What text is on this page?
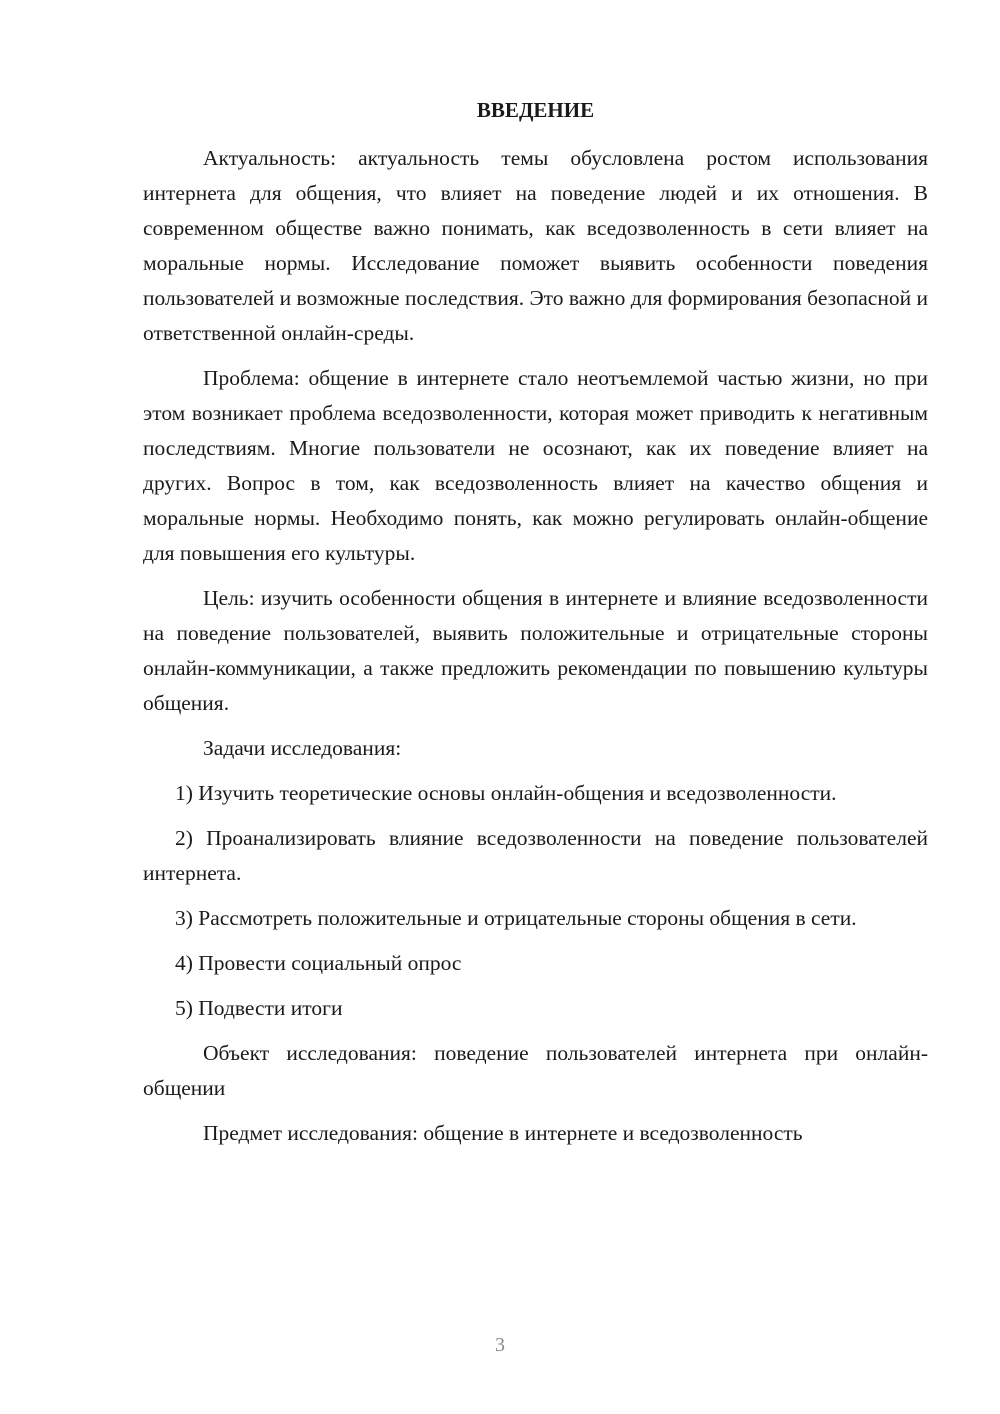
ВВЕДЕНИЕ

Актуальность: актуальность темы обусловлена ростом использования интернета для общения, что влияет на поведение людей и их отношения. В современном обществе важно понимать, как вседозволенность в сети влияет на моральные нормы. Исследование поможет выявить особенности поведения пользователей и возможные последствия. Это важно для формирования безопасной и ответственной онлайн-среды.

Проблема: общение в интернете стало неотъемлемой частью жизни, но при этом возникает проблема вседозволенности, которая может приводить к негативным последствиям. Многие пользователи не осознают, как их поведение влияет на других. Вопрос в том, как вседозволенность влияет на качество общения и моральные нормы. Необходимо понять, как можно регулировать онлайн-общение для повышения его культуры.

Цель: изучить особенности общения в интернете и влияние вседозволенности на поведение пользователей, выявить положительные и отрицательные стороны онлайн-коммуникации, а также предложить рекомендации по повышению культуры общения.

Задачи исследования:

1) Изучить теоретические основы онлайн-общения и вседозволенности.

2) Проанализировать влияние вседозволенности на поведение пользователей интернета.

3) Рассмотреть положительные и отрицательные стороны общения в сети.

4) Провести социальный опрос

5) Подвести итоги

Объект исследования: поведение пользователей интернета при онлайн-общении

Предмет исследования: общение в интернете и вседозволенность

3
